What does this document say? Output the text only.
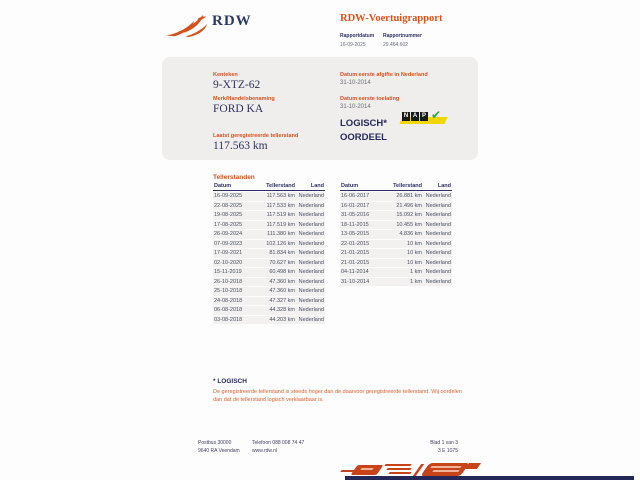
RDW	RDW-Voertuigrapport
Rapportdatum
16-09-2025
Rapportnummer
29.464.602
Kenteken
9-XTZ-62
Merk/Handelsbenaming
FORD KA
Laatst geregistreerde tellerstand
117.563 km
Datum eerste afgifte in Nederland
31-10-2014
Datum eerste toelating
31-10-2014
LOGISCH*
OORDEEL
N A P ✔
Tellerstanden
Datum	Tellerstand	Land
16-09-2025	117.563 km Nederland
22-08-2025	117.533 km Nederland
19-08-2025	117.519 km Nederland
17-08-2025	117.519 km Nederland
26-09-2024	111.380 km Nederland
07-09-2023	102.126 km Nederland
17-09-2021	81.834 km Nederland
02-10-2020	70.627 km Nederland
15-11-2019	60.498 km Nederland
26-10-2018	47.360 km Nederland
25-10-2018	47.360 km Nederland
24-08-2018	47.327 km Nederland
06-08-2018	44.328 km Nederland
03-08-2018	44.203 km Nederland
Datum	Tellerstand	Land
16-06-2017	26.881 km Nederland
16-01-2017	21.496 km Nederland
31-05-2016	15.092 km Nederland
18-11-2015	10.455 km Nederland
13-05-2015	4.836 km Nederland
22-01-2015	10 km Nederland
21-01-2015	10 km Nederland
21-01-2015	10 km Nederland
04-11-2014	1 km Nederland
31-10-2014	1 km Nederland
* LOGISCH
De geregistreerde tellerstand is steeds hoger dan de daarvoor geregistreerde tellerstand. Wij oordelen dan dat de tellerstand logisch verklaarbaar is.
Postbus 30000
9640 RA Veendam
Telefoon 088 008 74 47
www.rdw.nl
Blad 1 van 3
3 E 1075
